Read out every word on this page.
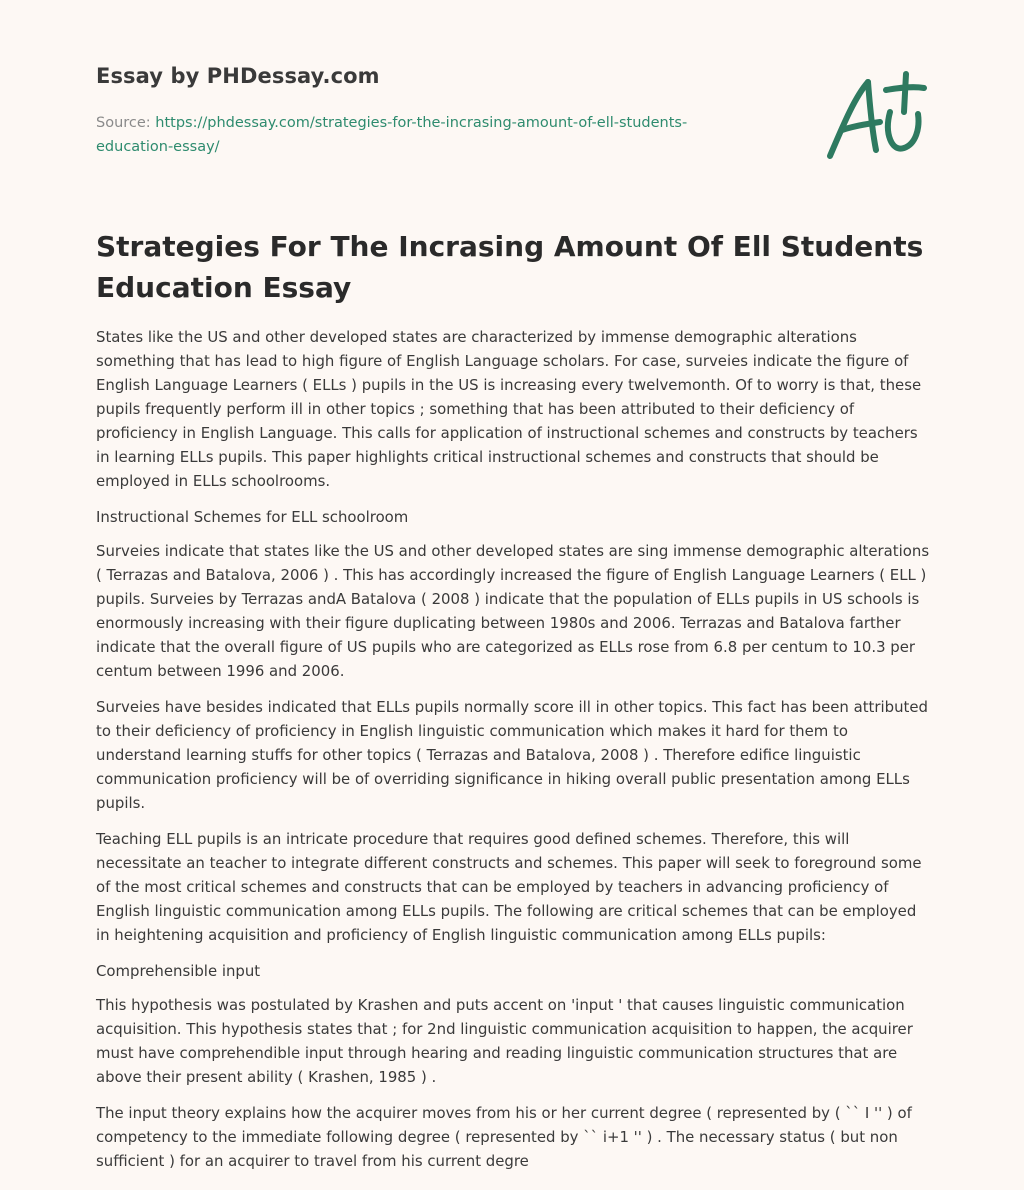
Essay by PHDessay.com
Source: https://phdessay.com/strategies-for-the-incrasing-amount-of-ell-students-education-essay/
Strategies For The Incrasing Amount Of Ell Students Education Essay

States like the US and other developed states are characterized by immense demographic alterations something that has lead to high figure of English Language scholars. For case, surveies indicate the figure of English Language Learners ( ELLs ) pupils in the US is increasing every twelvemonth. Of to worry is that, these pupils frequently perform ill in other topics ; something that has been attributed to their deficiency of proficiency in English Language. This calls for application of instructional schemes and constructs by teachers in learning ELLs pupils. This paper highlights critical instructional schemes and constructs that should be employed in ELLs schoolrooms.

Instructional Schemes for ELL schoolroom

Surveies indicate that states like the US and other developed states are sing immense demographic alterations ( Terrazas and Batalova, 2006 ) . This has accordingly increased the figure of English Language Learners ( ELL ) pupils. Surveies by Terrazas andA Batalova ( 2008 ) indicate that the population of ELLs pupils in US schools is enormously increasing with their figure duplicating between 1980s and 2006. Terrazas and Batalova farther indicate that the overall figure of US pupils who are categorized as ELLs rose from 6.8 per centum to 10.3 per centum between 1996 and 2006.

Surveies have besides indicated that ELLs pupils normally score ill in other topics. This fact has been attributed to their deficiency of proficiency in English linguistic communication which makes it hard for them to understand learning stuffs for other topics ( Terrazas and Batalova, 2008 ) . Therefore edifice linguistic communication proficiency will be of overriding significance in hiking overall public presentation among ELLs pupils.

Teaching ELL pupils is an intricate procedure that requires good defined schemes. Therefore, this will necessitate an teacher to integrate different constructs and schemes. This paper will seek to foreground some of the most critical schemes and constructs that can be employed by teachers in advancing proficiency of English linguistic communication among ELLs pupils. The following are critical schemes that can be employed in heightening acquisition and proficiency of English linguistic communication among ELLs pupils:

Comprehensible input

This hypothesis was postulated by Krashen and puts accent on 'input ' that causes linguistic communication acquisition. This hypothesis states that ; for 2nd linguistic communication acquisition to happen, the acquirer must have comprehendible input through hearing and reading linguistic communication structures that are above their present ability ( Krashen, 1985 ) .

The input theory explains how the acquirer moves from his or her current degree ( represented by ( `` I '' ) of competency to the immediate following degree ( represented by `` i+1 '' ) . The necessary status ( but non sufficient ) for an acquirer to travel from his current degre
